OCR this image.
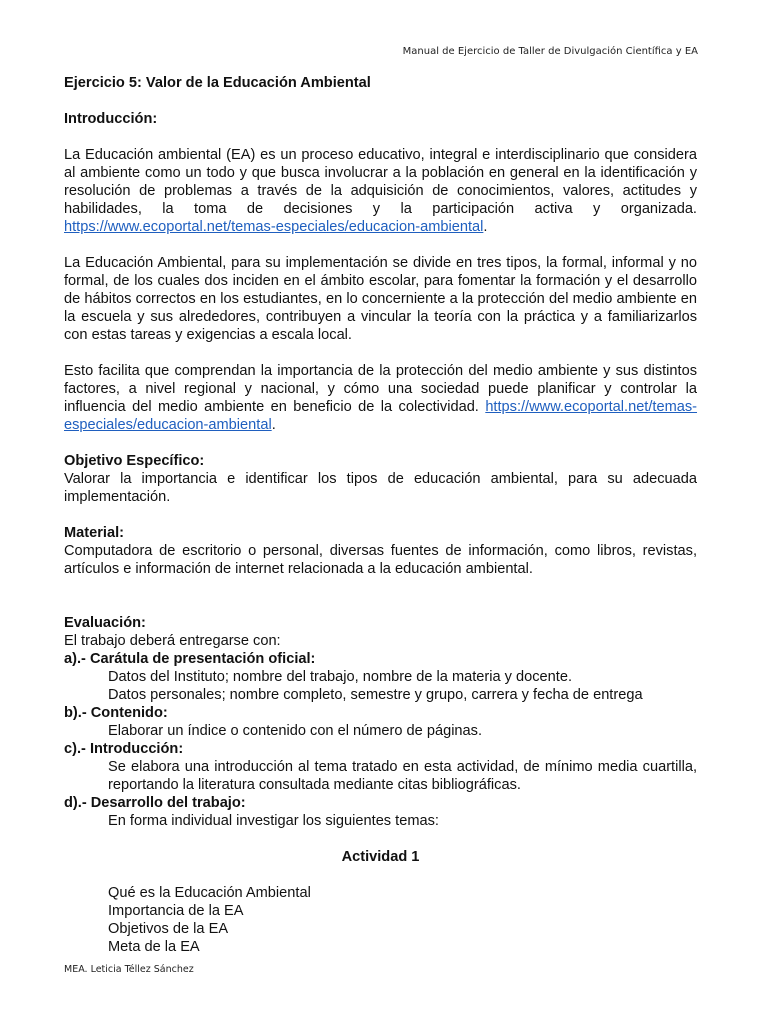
Manual de Ejercicio de Taller de Divulgación Científica y EA

Ejercicio 5: Valor de la Educación Ambiental

Introducción:

La Educación ambiental (EA) es un proceso educativo, integral e interdisciplinario que considera al ambiente como un todo y que busca involucrar a la población en general en la identificación y resolución de problemas a través de la adquisición de conocimientos, valores, actitudes y habilidades, la toma de decisiones y la participación activa y organizada. https://www.ecoportal.net/temas-especiales/educacion-ambiental.

La Educación Ambiental, para su implementación se divide en tres tipos, la formal, informal y no formal, de los cuales dos inciden en el ámbito escolar, para fomentar la formación y el desarrollo de hábitos correctos en los estudiantes, en lo concerniente a la protección del medio ambiente en la escuela y sus alrededores, contribuyen a vincular la teoría con la práctica y a familiarizarlos con estas tareas y exigencias a escala local.

Esto facilita que comprendan la importancia de la protección del medio ambiente y sus distintos factores, a nivel regional y nacional, y cómo una sociedad puede planificar y controlar la influencia del medio ambiente en beneficio de la colectividad. https://www.ecoportal.net/temas-especiales/educacion-ambiental.

Objetivo Específico:

Valorar la importancia e identificar los tipos de educación ambiental, para su adecuada implementación.

Material:

Computadora de escritorio o personal, diversas fuentes de información, como libros, revistas, artículos e información de internet relacionada a la educación ambiental.

Evaluación:

El trabajo deberá entregarse con:

a).- Carátula de presentación oficial:

Datos del Instituto; nombre del trabajo, nombre de la materia y docente.

Datos personales; nombre completo, semestre y grupo, carrera y fecha de entrega

b).- Contenido:

Elaborar un índice o contenido con el número de páginas.

c).- Introducción:

Se elabora una introducción al tema tratado en esta actividad, de mínimo media cuartilla, reportando la literatura consultada mediante citas bibliográficas.

d).- Desarrollo del trabajo:

En forma individual investigar los siguientes temas:

Actividad 1

Qué es la Educación Ambiental

Importancia de la EA

Objetivos de la EA

Meta de la EA

MEA. Leticia Téllez Sánchez
